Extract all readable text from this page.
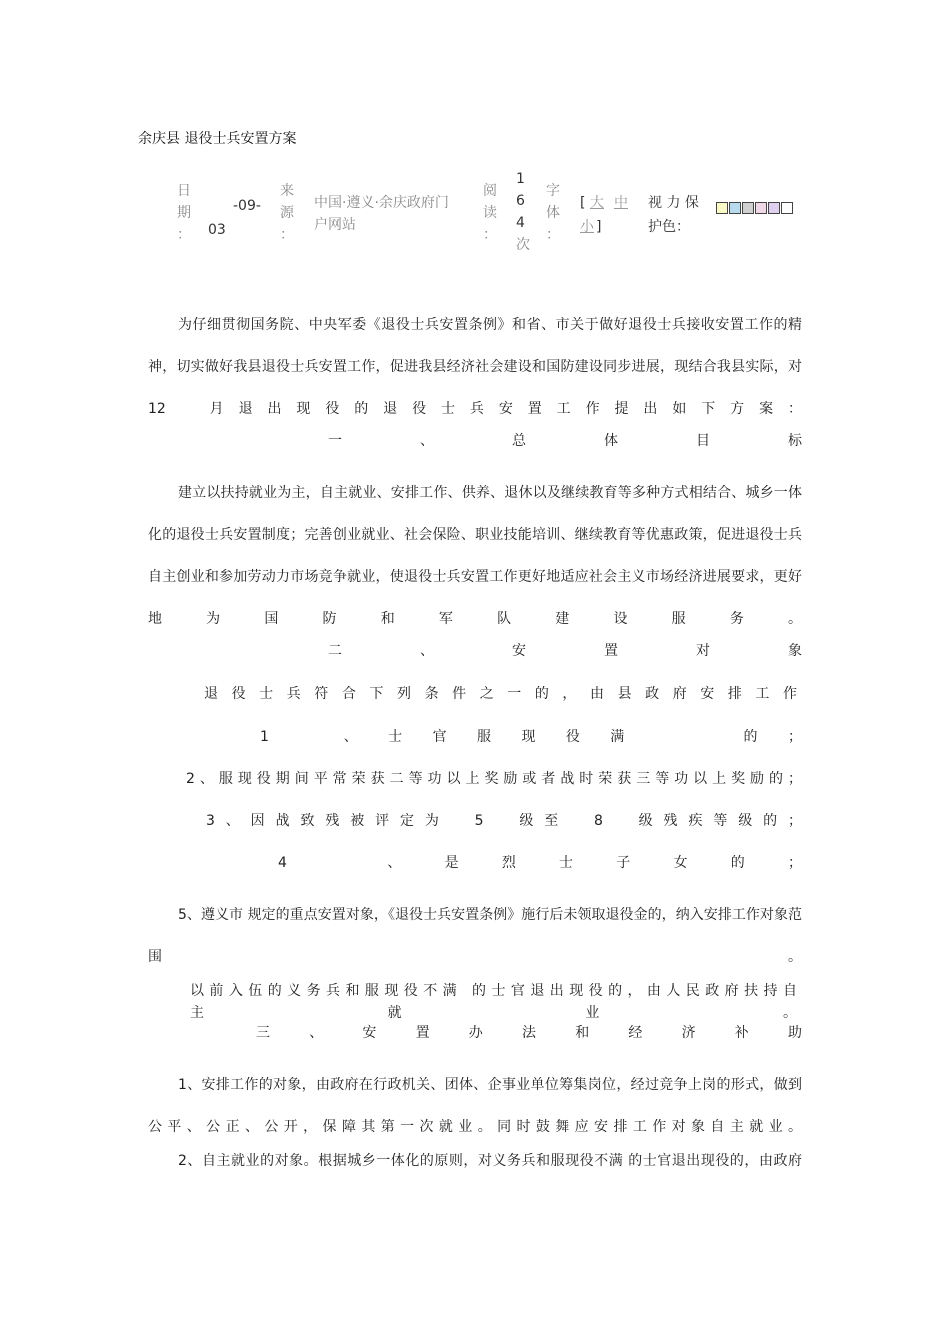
余庆县 退役士兵安置方案
日
期
：
-09-
03
来
源
：
中国·遵义·余庆政府门
户网站
阅
读
：
1
6
4
次
字
体
：
[ 大 中
小 ]
视 力 保
护色：
为仔细贯彻国务院、中央军委《退役士兵安置条例》和省、市关于做好退役士兵接收安置工作的精神，切实做好我县退役士兵安置工作，促进我县经济社会建设和国防建设同步进展，现结合我县实际，对　12　月退出现役的退役士兵安置工作提出如下方案：
一、总体目标
建立以扶持就业为主，自主就业、安排工作、供养、退休以及继续教育等多种方式相结合、城乡一体化的退役士兵安置制度；完善创业就业、社会保险、职业技能培训、继续教育等优惠政策，促进退役士兵自主创业和参加劳动力市场竞争就业，使退役士兵安置工作更好地适应社会主义市场经济进展要求，更好地为国防和军队建设服务。
二、安置对象
退役士兵符合下列条件之一的，由县政府安排工作
1　、士官服现役满　　的；
2、服现役期间平常荣获二等功以上奖励或者战时荣获三等功以上奖励的；
3、因战致残被评定为　5　级至　8　级残疾等级的；
4　、是烈士子女的；
5、遵义市 规定的重点安置对象，《退役士兵安置条例》施行后未领取退役金的，纳入安排工作对象范围。
以前入伍的义务兵和服现役不满 的士官退出现役的，由人民政府扶持自主就业。
三、安置办法和经济补助
1、安排工作的对象，由政府在行政机关、团体、企事业单位筹集岗位，经过竞争上岗的形式，做到公平、公正、公开，保障其第一次就业。同时鼓舞应安排工作对象自主就业。
2、自主就业的对象。根据城乡一体化的原则，对义务兵和服现役不满 的士官退出现役的，由政府
